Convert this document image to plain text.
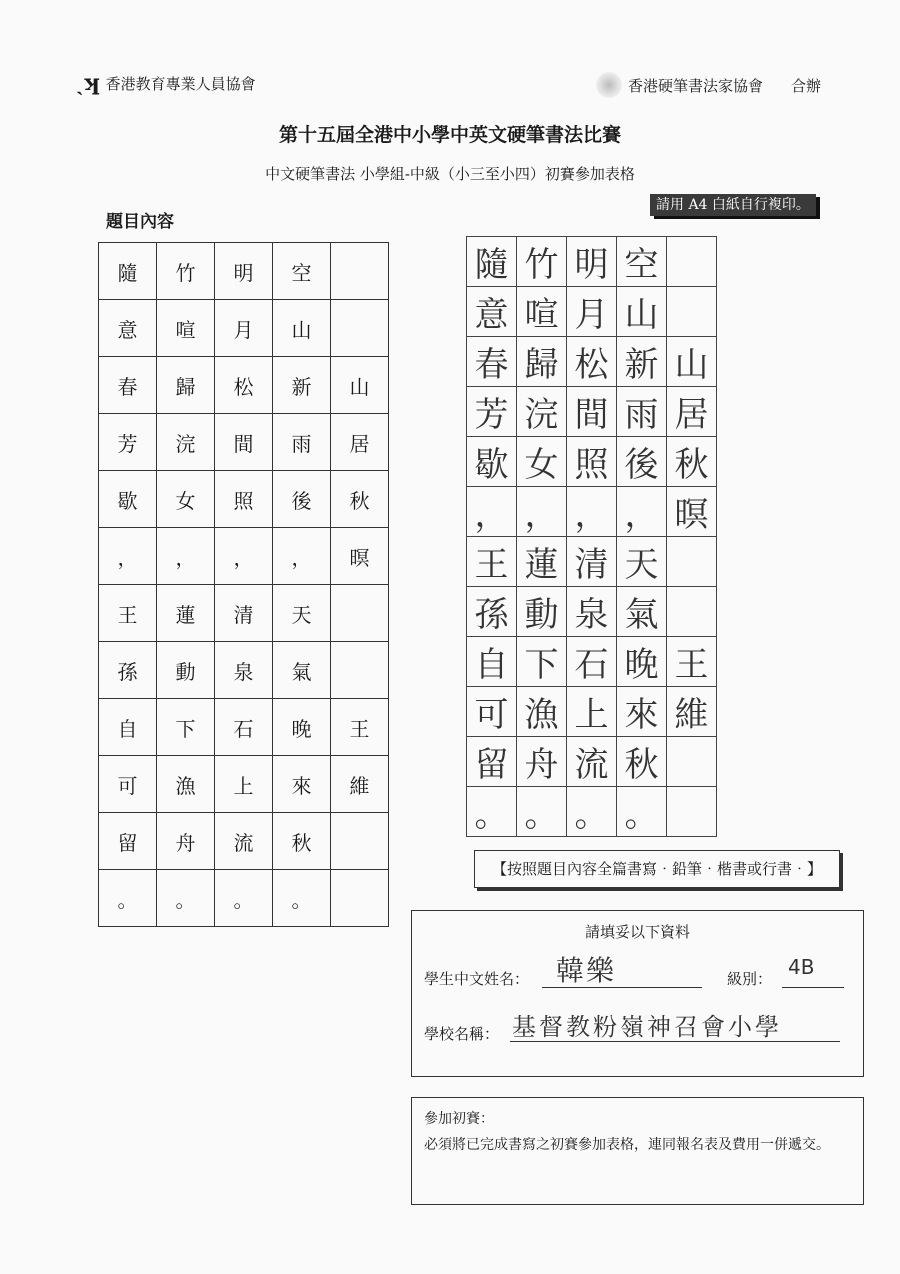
ˎʞ 香港教育專業人員協會	香港硬筆書法家協會 合辦
第十五屆全港中小學中英文硬筆書法比賽
中文硬筆書法 小學組-中級（小三至小四）初賽參加表格
題目內容
請用 A4 白紙自行複印。
隨	竹	明	空	
意	喧	月	山	
春	歸	松	新	山
芳	浣	間	雨	居
歇	女	照	後	秋
，	，	，	，	暝
王	蓮	清	天	
孫	動	泉	氣	
自	下	石	晚	王
可	漁	上	來	維
留	舟	流	秋	
。	。	。	。	
隨	竹	明	空	
意	喧	月	山	
春	歸	松	新	山
芳	浣	間	雨	居
歇	女	照	後	秋
，	，	，	，	暝
王	蓮	清	天	
孫	動	泉	氣	
自	下	石	晚	王
可	漁	上	來	維
留	舟	流	秋	
。	。	。	。	
【按照題目內容全篇書寫‧鉛筆‧楷書或行書‧】
請填妥以下資料
學生中文姓名： 韓樂	級別： 4B
學校名稱： 基督教粉嶺神召會小學
參加初賽：
必須將已完成書寫之初賽參加表格，連同報名表及費用一併遞交。
